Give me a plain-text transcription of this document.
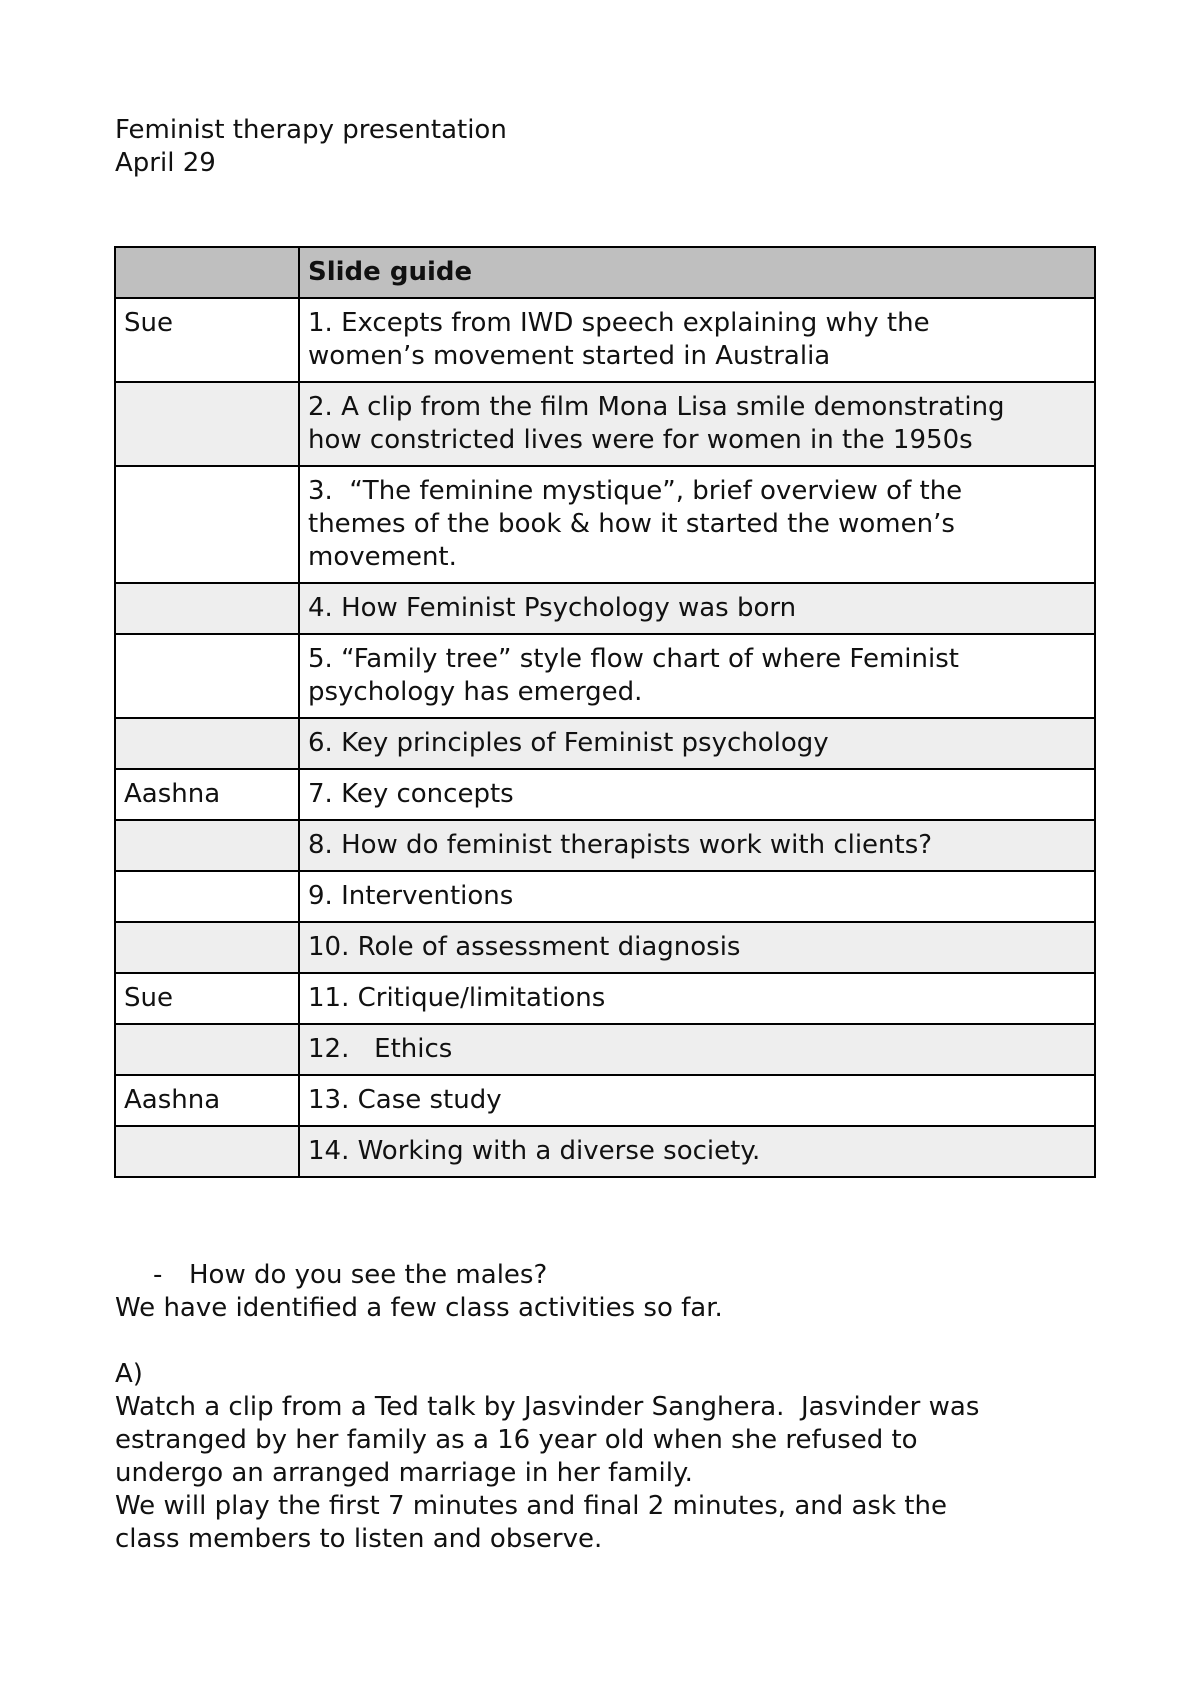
Feminist therapy presentation
April 29
	Slide guide
Sue	1. Excepts from IWD speech explaining why the
women’s movement started in Australia

	2. A clip from the film Mona Lisa smile demonstrating
how constricted lives were for women in the 1950s

	3.  “The feminine mystique”, brief overview of the
themes of the book & how it started the women’s
movement.

	4. How Feminist Psychology was born

	5. “Family tree” style flow chart of where Feminist
psychology has emerged.

	6. Key principles of Feminist psychology

Aashna	7. Key concepts

	8. How do feminist therapists work with clients?

	9. Interventions

	10. Role of assessment diagnosis

Sue	11. Critique/limitations

	12.   Ethics

Aashna	13. Case study

	14. Working with a diverse society.
- How do you see the males?
We have identified a few class activities so far.
A)
Watch a clip from a Ted talk by Jasvinder Sanghera.  Jasvinder was
estranged by her family as a 16 year old when she refused to
undergo an arranged marriage in her family.
We will play the first 7 minutes and final 2 minutes, and ask the
class members to listen and observe.
